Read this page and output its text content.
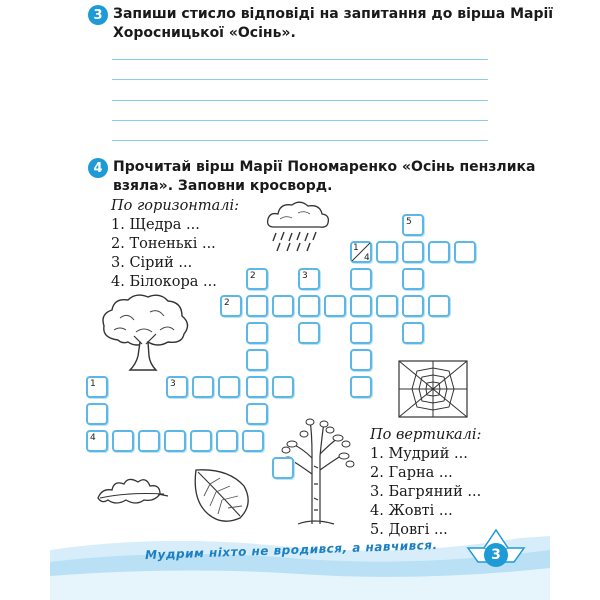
3 Запиши стисло відповіді на запитання до вірша Марії
Хоросницької «Осінь».
4 Прочитай вірш Марії Пономаренко «Осінь пензлика
взяла». Заповни кросворд.
По горизонталі:
1. Щедра ...
2. Тоненькі ...
3. Сірий ...
4. Білокора ...
По вертикалі:
1. Мудрий ...
2. Гарна ...
3. Багряний ...
4. Жовті ...
5. Довгі ...
2	3
1
4
5
2
1	3
4
Мудрим ніхто не вродився, а навчився.	3
